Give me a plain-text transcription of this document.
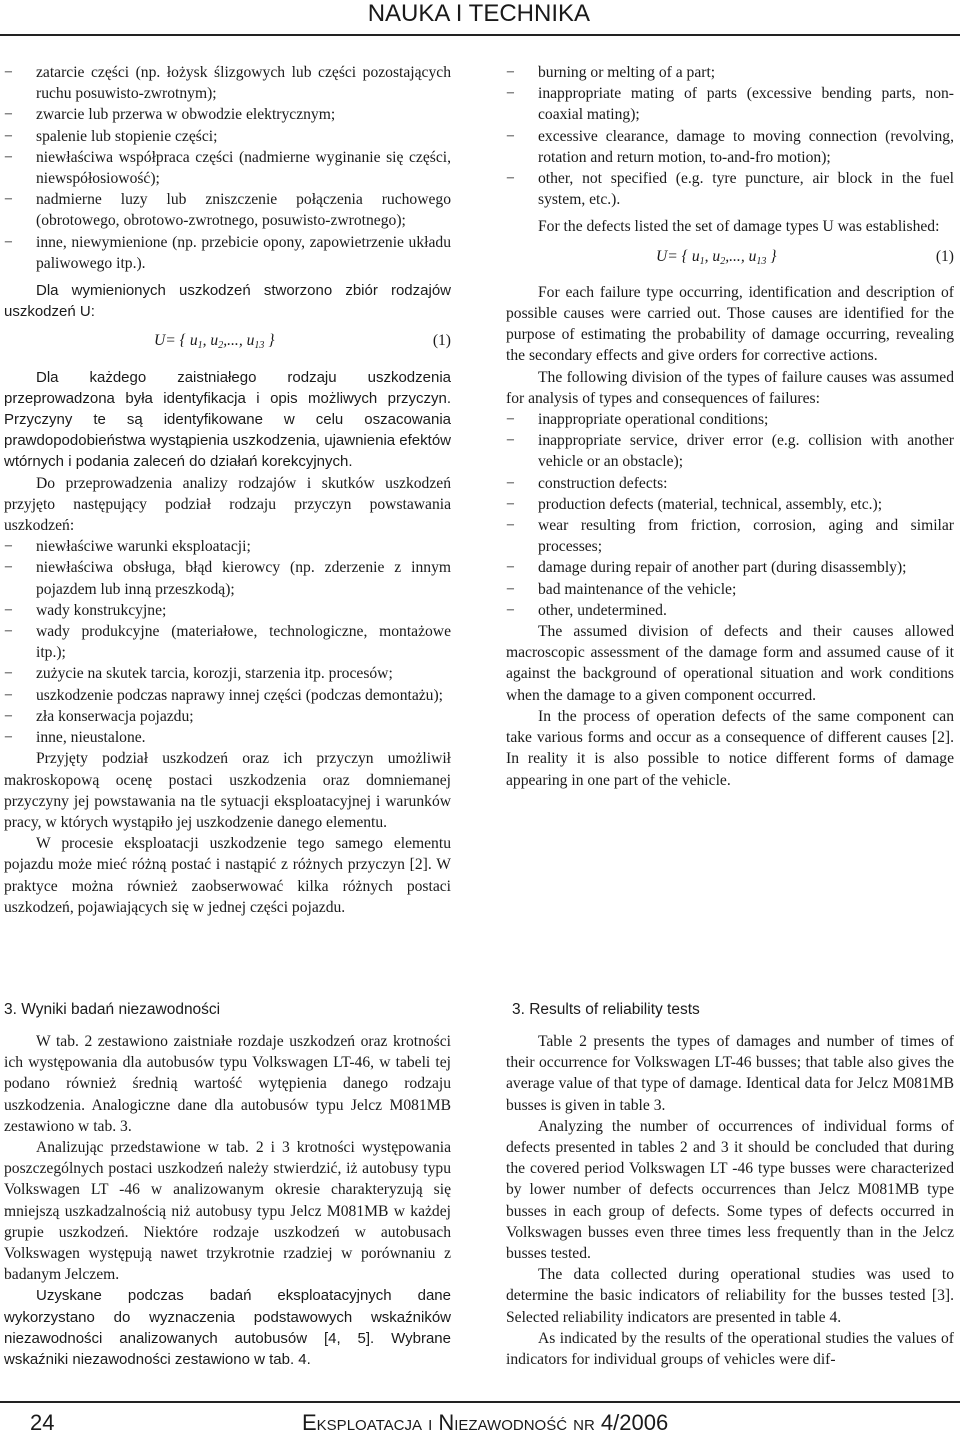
NAUKA I TECHNIKA
− zatarcie części (np. łożysk ślizgowych lub części pozostających ruchu posuwisto-zwrotnym);
− zwarcie lub przerwa w obwodzie elektrycznym;
− spalenie lub stopienie części;
− niewłaściwa współpraca części (nadmierne wyginanie się części, niewspółosiowość);
− nadmierne luzy lub zniszczenie połączenia ruchowego (obrotowego, obrotowo-zwrotnego, posuwisto-zwrotnego);
− inne, niewymienione (np. przebicie opony, zapowietrzenie układu paliwowego itp.).

Dla wymienionych uszkodzeń stworzono zbiór rodzajów uszkodzeń U:

U= { $u_1$, $u_2$,..., $u_{13}$ }	(1)

Dla każdego zaistniałego rodzaju uszkodzenia przeprowadzona była identyfikacja i opis możliwych przyczyn. Przyczyny te są identyfikowane w celu oszacowania prawdopodobieństwa wystąpienia uszkodzenia, ujawnienia efektów wtórnych i podania zaleceń do działań korekcyjnych.

Do przeprowadzenia analizy rodzajów i skutków uszkodzeń przyjęto następujący podział rodzaju przyczyn powstawania uszkodzeń:

− niewłaściwe warunki eksploatacji;
− niewłaściwa obsługa, błąd kierowcy (np. zderzenie z innym pojazdem lub inną przeszkodą);
− wady konstrukcyjne;
− wady produkcyjne (materiałowe, technologiczne, montażowe itp.);
− zużycie na skutek tarcia, korozji, starzenia itp. procesów;
− uszkodzenie podczas naprawy innej części (podczas demontażu);
− zła konserwacja pojazdu;
− inne, nieustalone.

Przyjęty podział uszkodzeń oraz ich przyczyn umożliwił makroskopową ocenę postaci uszkodzenia oraz domniemanej przyczyny jej powstawania na tle sytuacji eksploatacyjnej i warunków pracy, w których wystąpiło jej uszkodzenie danego elementu.

W procesie eksploatacji uszkodzenie tego samego elementu pojazdu może mieć różną postać i nastąpić z różnych przyczyn [2]. W praktyce można również zaobserwować kilka różnych postaci uszkodzeń, pojawiających się w jednej części pojazdu.

− burning or melting of a part;
− inappropriate mating of parts (excessive bending parts, non-coaxial mating);
− excessive clearance, damage to moving connection (revolving, rotation and return motion, to-and-fro motion);
− other, not specified (e.g. tyre puncture, air block in the fuel system, etc.).

For the defects listed the set of damage types U was established:

U= { $u_1$, $u_2$,..., $u_{13}$ }	(1)

For each failure type occurring, identification and description of possible causes were carried out. Those causes are identified for the purpose of estimating the probability of damage occurring, revealing the secondary effects and give orders for corrective actions.

The following division of the types of failure causes was assumed for analysis of types and consequences of failures:

− inappropriate operational conditions;
− inappropriate service, driver error (e.g. collision with another vehicle or an obstacle);
− construction defects:
− production defects (material, technical, assembly, etc.);
− wear resulting from friction, corrosion, aging and similar processes;
− damage during repair of another part (during disassembly);
− bad maintenance of the vehicle;
− other, undetermined.

The assumed division of defects and their causes allowed macroscopic assessment of the damage form and assumed cause of it against the background of operational situation and work conditions when the damage to a given component occurred.

In the process of operation defects of the same component can take various forms and occur as a consequence of different causes [2]. In reality it is also possible to notice different forms of damage appearing in one part of the vehicle.

3. Wyniki badań niezawodności	3. Results of reliability tests

W tab. 2 zestawiono zaistniałe rozdaje uszkodzeń oraz krotności ich występowania dla autobusów typu Volkswagen LT-46, w tabeli tej podano również średnią wartość wytępienia danego rodzaju uszkodzenia. Analogiczne dane dla autobusów typu Jelcz M081MB zestawiono w tab. 3.

Analizując przedstawione w tab. 2 i 3 krotności występowania poszczególnych postaci uszkodzeń należy stwierdzić, iż autobusy typu Volkswagen LT -46 w analizowanym okresie charakteryzują się mniejszą uszkadzalnością niż autobusy typu Jelcz M081MB w każdej grupie uszkodzeń. Niektóre rodzaje uszkodzeń w autobusach Volkswagen występują nawet trzykrotnie rzadziej w porównaniu z badanym Jelczem.

Uzyskane podczas badań eksploatacyjnych dane wykorzystano do wyznaczenia podstawowych wskaźników niezawodności analizowanych autobusów [4, 5]. Wybrane wskaźniki niezawodności zestawiono w tab. 4.

Table 2 presents the types of damages and number of times of their occurrence for Volkswagen LT-46 busses; that table also gives the average value of that type of damage. Identical data for Jelcz M081MB busses is given in table 3.

Analyzing the number of occurrences of individual forms of defects presented in tables 2 and 3 it should be concluded that during the covered period Volkswagen LT -46 type busses were characterized by lower number of defects occurrences than Jelcz M081MB type busses in each group of defects. Some types of defects occurred in Volkswagen busses even three times less frequently than in the Jelcz busses tested.

The data collected during operational studies was used to determine the basic indicators of reliability for the busses tested [3]. Selected reliability indicators are presented in table 4.

As indicated by the results of the operational studies the values of indicators for individual groups of vehicles were dif-

24	Eksploatacja i Niezawodność nr 4/2006
